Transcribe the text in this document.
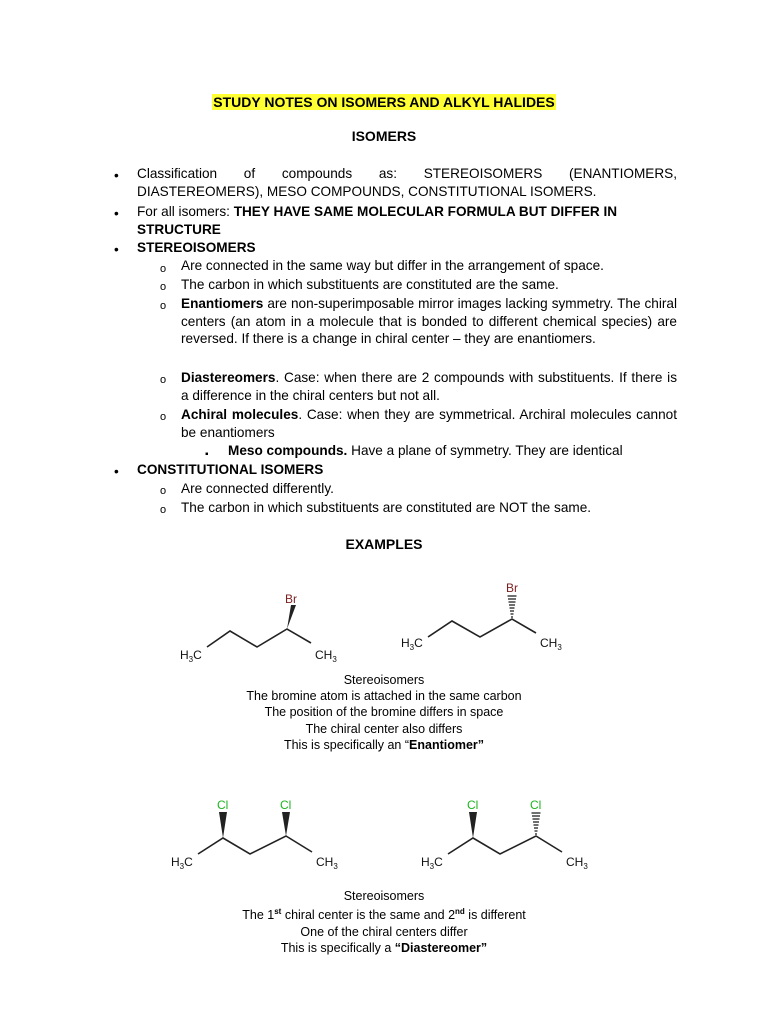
STUDY NOTES ON ISOMERS AND ALKYL HALIDES
ISOMERS
•	Classification of compounds as: STEREOISOMERS (ENANTIOMERS, DIASTEREOMERS), MESO COMPOUNDS, CONSTITUTIONAL ISOMERS.
•	For all isomers: THEY HAVE SAME MOLECULAR FORMULA BUT DIFFER IN STRUCTURE
•	STEREOISOMERS
o	Are connected in the same way but differ in the arrangement of space.
o	The carbon in which substituents are constituted are the same.
o	Enantiomers are non-superimposable mirror images lacking symmetry. The chiral centers (an atom in a molecule that is bonded to different chemical species) are reversed. If there is a change in chiral center – they are enantiomers.
o	Diastereomers. Case: when there are 2 compounds with substituents. If there is a difference in the chiral centers but not all.
o	Achiral molecules. Case: when they are symmetrical. Archiral molecules cannot be enantiomers
▪	Meso compounds. Have a plane of symmetry. They are identical
•	CONSTITUTIONAL ISOMERS
o	Are connected differently.
o	The carbon in which substituents are constituted are NOT the same.
EXAMPLES
Br
$H_3C$	$CH_3$
Br
$H_3C$	$CH_3$
Stereoisomers
The bromine atom is attached in the same carbon
The position of the bromine differs in space
The chiral center also differs
This is specifically an “Enantiomer”
Cl	Cl
$H_3C$	$CH_3$
Cl	Cl
$H_3C$	$CH_3$
Stereoisomers
The 1st chiral center is the same and 2nd is different
One of the chiral centers differ
This is specifically a “Diastereomer”
